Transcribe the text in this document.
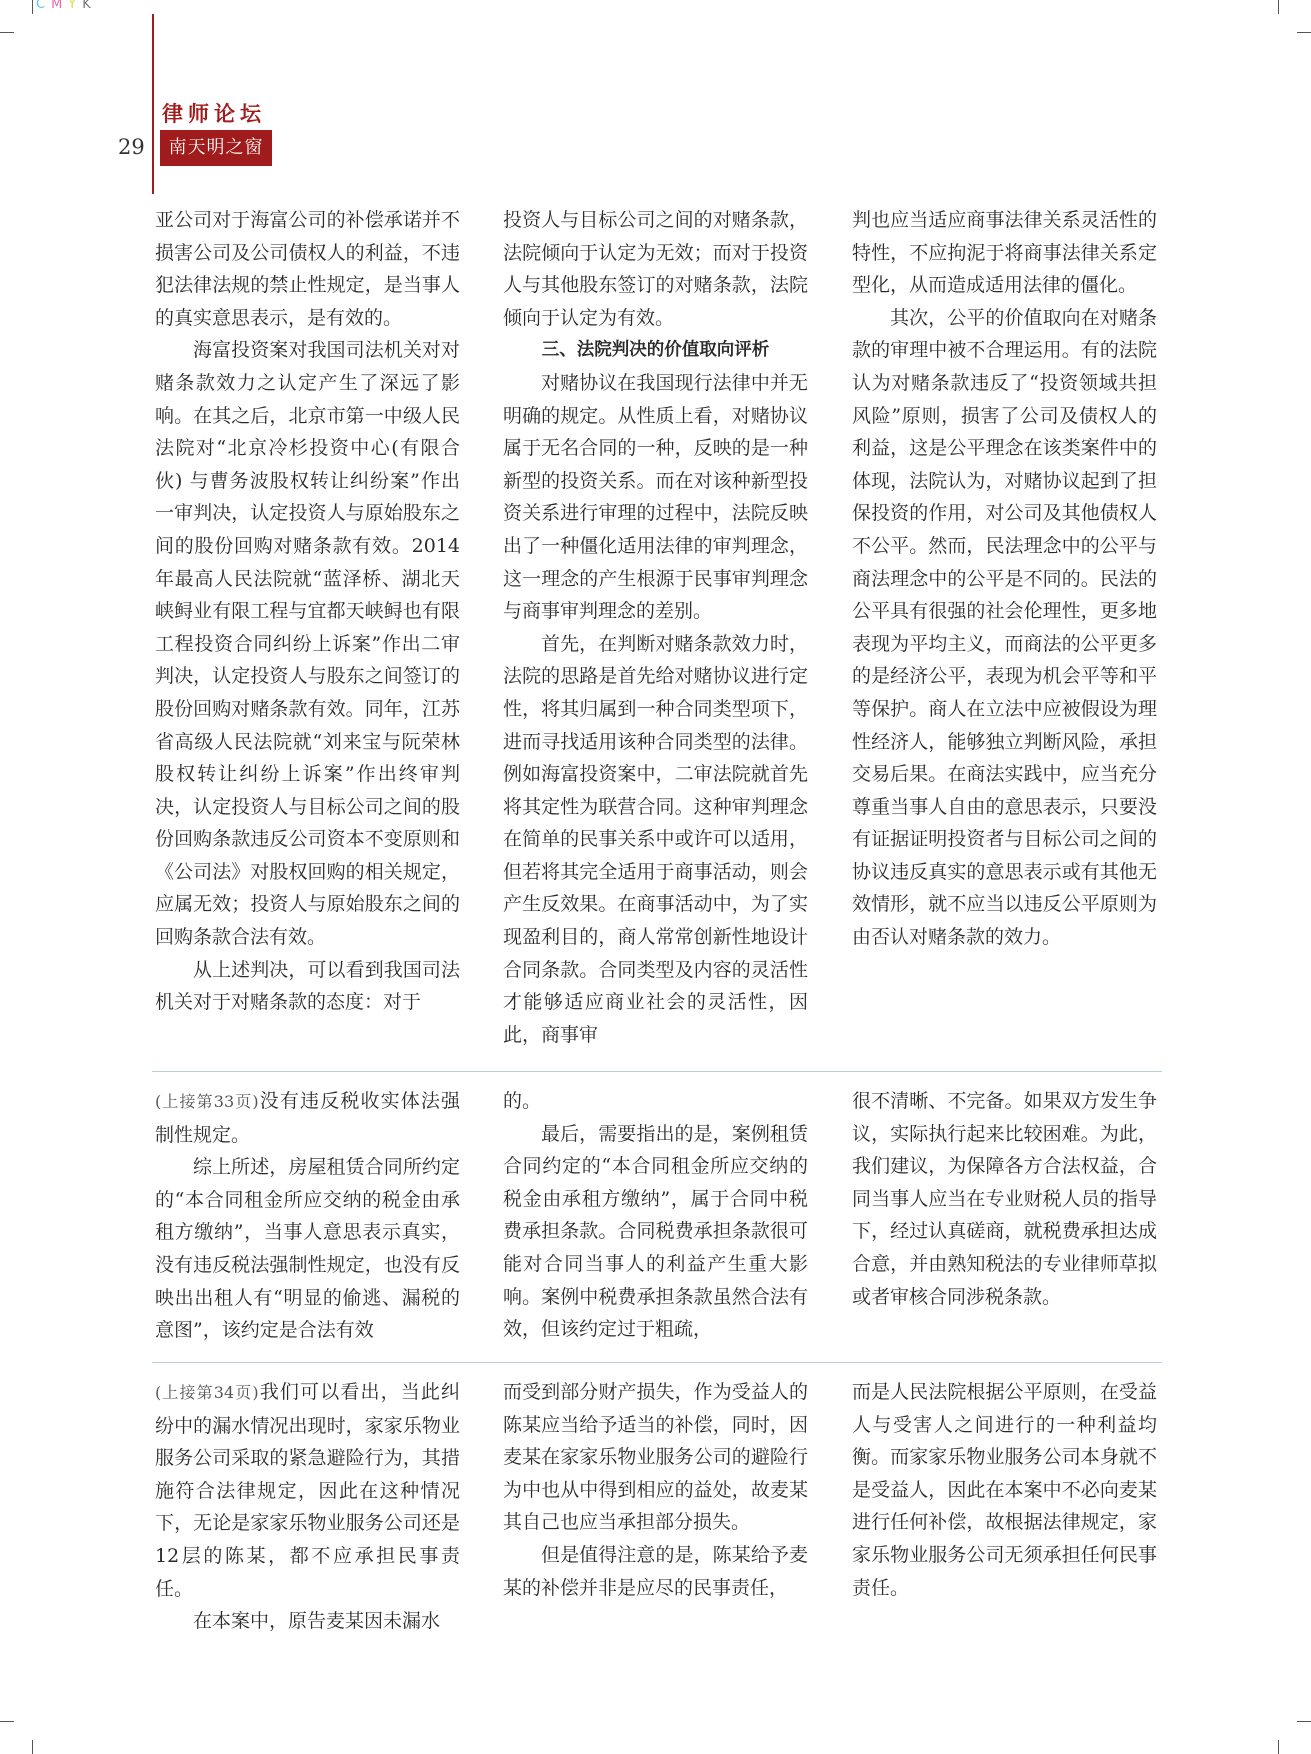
CMYK
律师论坛
29	南天明之窗

亚公司对于海富公司的补偿承诺并不损害公司及公司债权人的利益，不违犯法律法规的禁止性规定，是当事人的真实意思表示，是有效的。

海富投资案对我国司法机关对对赌条款效力之认定产生了深远了影响。在其之后，北京市第一中级人民法院对“北京冷杉投资中心(有限合伙) 与曹务波股权转让纠纷案”作出一审判决，认定投资人与原始股东之间的股份回购对赌条款有效。2014年最高人民法院就“蓝泽桥、湖北天峡鲟业有限工程与宜都天峡鲟也有限工程投资合同纠纷上诉案”作出二审判决，认定投资人与股东之间签订的股份回购对赌条款有效。同年，江苏省高级人民法院就“刘来宝与阮荣林股权转让纠纷上诉案”作出终审判决，认定投资人与目标公司之间的股份回购条款违反公司资本不变原则和《公司法》对股权回购的相关规定，应属无效；投资人与原始股东之间的回购条款合法有效。

从上述判决，可以看到我国司法机关对于对赌条款的态度：对于

投资人与目标公司之间的对赌条款，法院倾向于认定为无效；而对于投资人与其他股东签订的对赌条款，法院倾向于认定为有效。

三、法院判决的价值取向评析

对赌协议在我国现行法律中并无明确的规定。从性质上看，对赌协议属于无名合同的一种，反映的是一种新型的投资关系。而在对该种新型投资关系进行审理的过程中，法院反映出了一种僵化适用法律的审判理念，这一理念的产生根源于民事审判理念与商事审判理念的差别。

首先，在判断对赌条款效力时，法院的思路是首先给对赌协议进行定性，将其归属到一种合同类型项下，进而寻找适用该种合同类型的法律。例如海富投资案中，二审法院就首先将其定性为联营合同。这种审判理念在简单的民事关系中或许可以适用，但若将其完全适用于商事活动，则会产生反效果。在商事活动中，为了实现盈利目的，商人常常创新性地设计合同条款。合同类型及内容的灵活性才能够适应商业社会的灵活性，因此，商事审

判也应当适应商事法律关系灵活性的特性，不应拘泥于将商事法律关系定型化，从而造成适用法律的僵化。

其次，公平的价值取向在对赌条款的审理中被不合理运用。有的法院认为对赌条款违反了“投资领域共担风险”原则，损害了公司及债权人的利益，这是公平理念在该类案件中的体现，法院认为，对赌协议起到了担保投资的作用，对公司及其他债权人不公平。然而，民法理念中的公平与商法理念中的公平是不同的。民法的公平具有很强的社会伦理性，更多地表现为平均主义，而商法的公平更多的是经济公平，表现为机会平等和平等保护。商人在立法中应被假设为理性经济人，能够独立判断风险，承担交易后果。在商法实践中，应当充分尊重当事人自由的意思表示，只要没有证据证明投资者与目标公司之间的协议违反真实的意思表示或有其他无效情形，就不应当以违反公平原则为由否认对赌条款的效力。

(上接第33页)没有违反税收实体法强制性规定。

综上所述，房屋租赁合同所约定的“本合同租金所应交纳的税金由承租方缴纳”，当事人意思表示真实，没有违反税法强制性规定，也没有反映出出租人有“明显的偷逃、漏税的意图”，该约定是合法有效

的。

最后，需要指出的是，案例租赁合同约定的“本合同租金所应交纳的税金由承租方缴纳”，属于合同中税费承担条款。合同税费承担条款很可能对合同当事人的利益产生重大影响。案例中税费承担条款虽然合法有效，但该约定过于粗疏，

很不清晰、不完备。如果双方发生争议，实际执行起来比较困难。为此，我们建议，为保障各方合法权益，合同当事人应当在专业财税人员的指导下，经过认真磋商，就税费承担达成合意，并由熟知税法的专业律师草拟或者审核合同涉税条款。

(上接第34页)我们可以看出，当此纠纷中的漏水情况出现时，家家乐物业服务公司采取的紧急避险行为，其措施符合法律规定，因此在这种情况下，无论是家家乐物业服务公司还是12层的陈某，都不应承担民事责任。

在本案中，原告麦某因未漏水

而受到部分财产损失，作为受益人的陈某应当给予适当的补偿，同时，因麦某在家家乐物业服务公司的避险行为中也从中得到相应的益处，故麦某其自己也应当承担部分损失。

但是值得注意的是，陈某给予麦某的补偿并非是应尽的民事责任，

而是人民法院根据公平原则，在受益人与受害人之间进行的一种利益均衡。而家家乐物业服务公司本身就不是受益人，因此在本案中不必向麦某进行任何补偿，故根据法律规定，家家乐物业服务公司无须承担任何民事责任。
